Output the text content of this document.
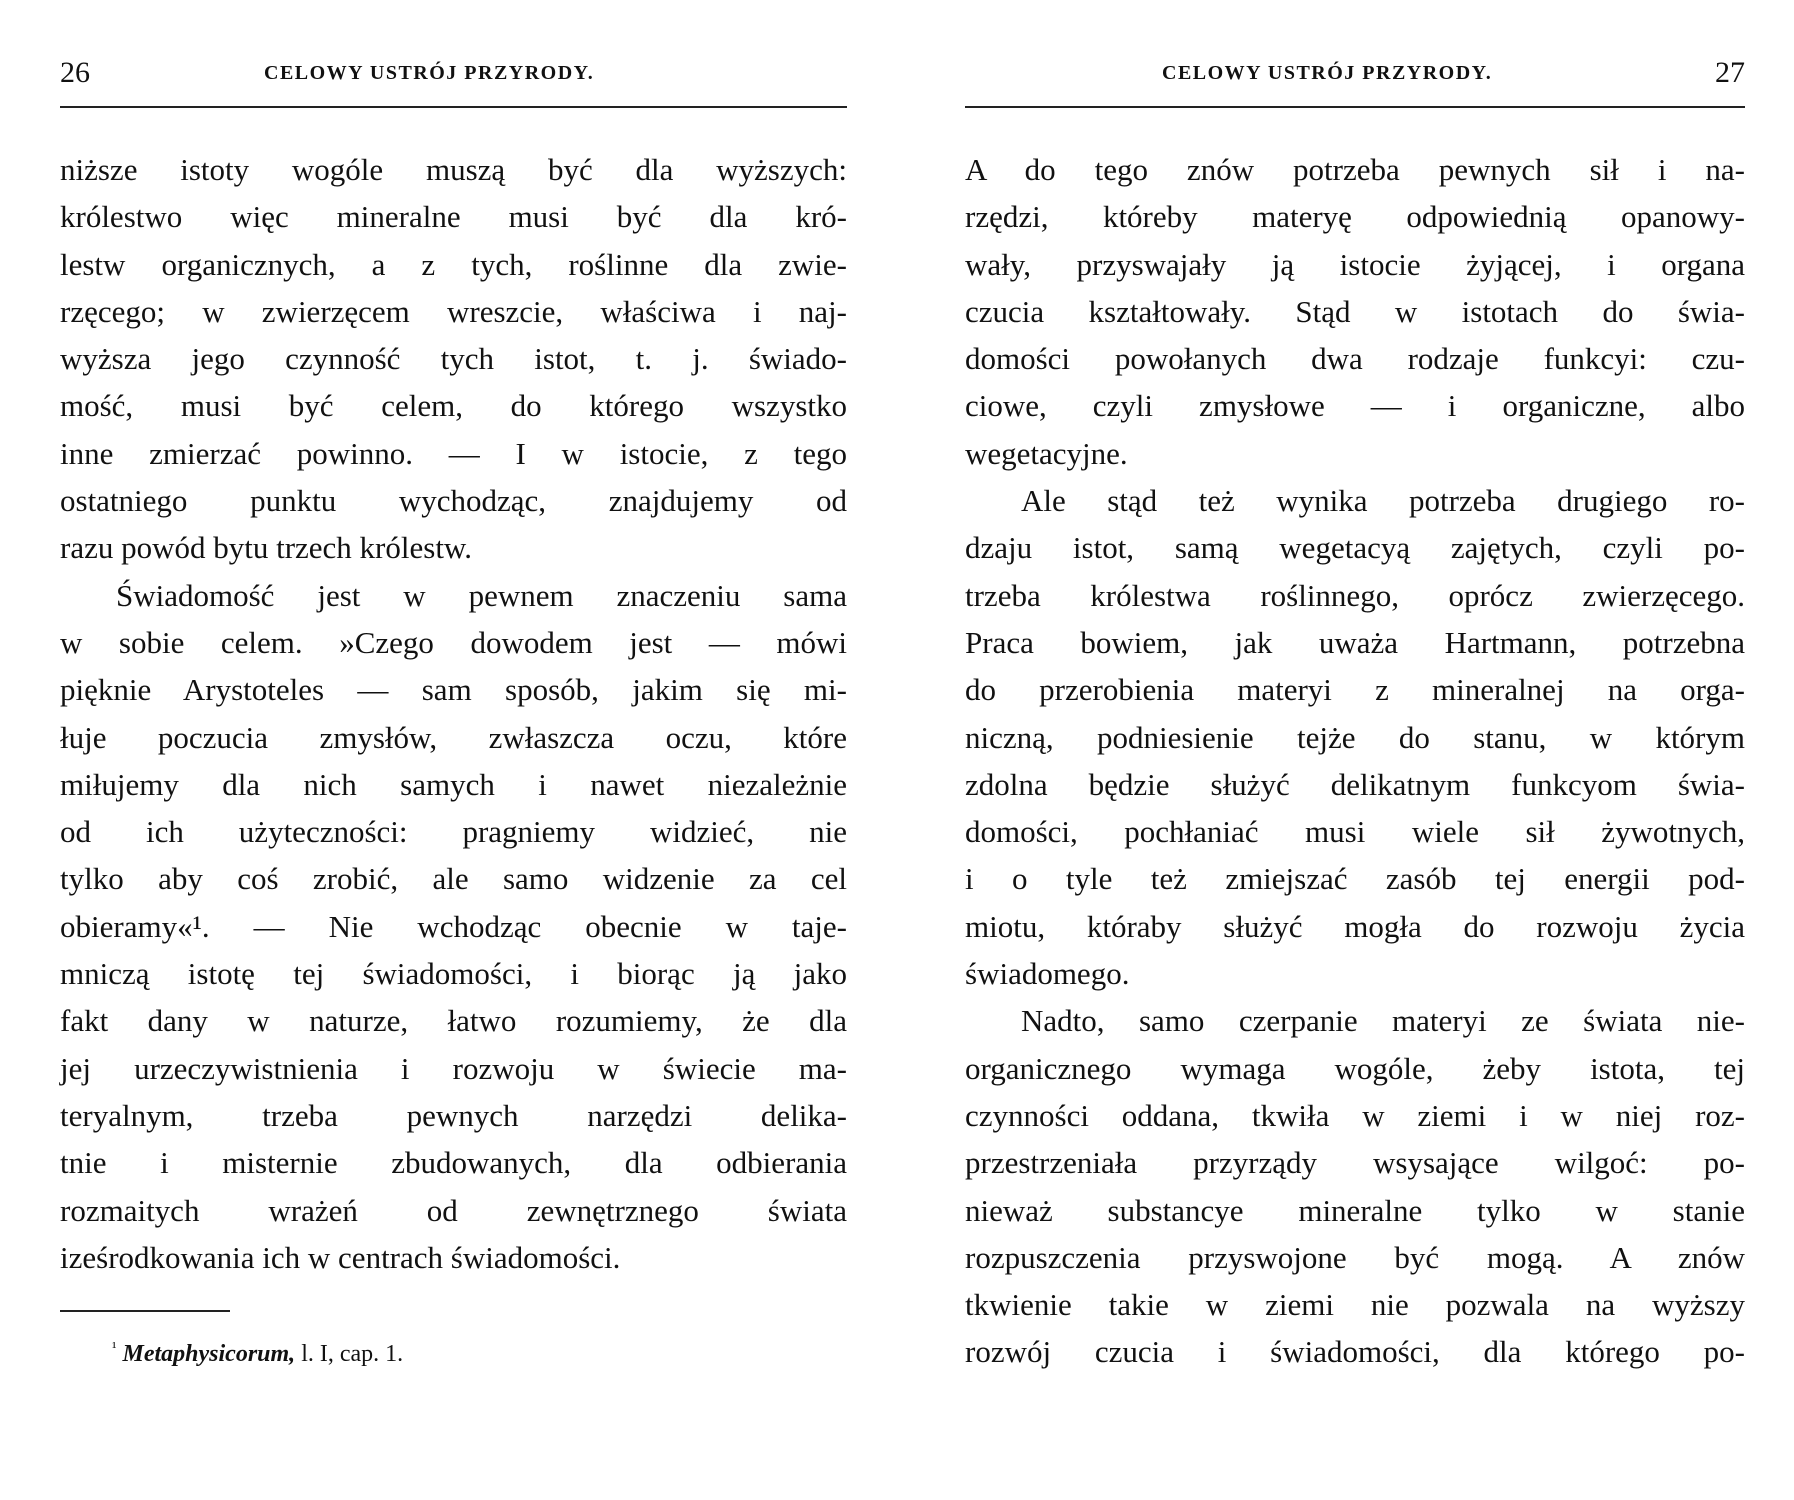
26	CELOWY USTRÓJ PRZYRODY.
niższe istoty wogóle muszą być dla wyższych:
królestwo więc mineralne musi być dla kró-
lestw organicznych, a z tych, roślinne dla zwie-
rzęcego; w zwierzęcem wreszcie, właściwa i naj-
wyższa jego czynność tych istot, t. j. świado-
mość, musi być celem, do którego wszystko
inne zmierzać powinno. — I w istocie, z tego
ostatniego punktu wychodząc, znajdujemy od
razu powód bytu trzech królestw.
Świadomość jest w pewnem znaczeniu sama
w sobie celem. »Czego dowodem jest — mówi
pięknie Arystoteles — sam sposób, jakim się mi-
łuje poczucia zmysłów, zwłaszcza oczu, które
miłujemy dla nich samych i nawet niezależnie
od ich użyteczności: pragniemy widzieć, nie
tylko aby coś zrobić, ale samo widzenie za cel
obieramy«¹. — Nie wchodząc obecnie w taje-
mniczą istotę tej świadomości, i biorąc ją jako
fakt dany w naturze, łatwo rozumiemy, że dla
jej urzeczywistnienia i rozwoju w świecie ma-
teryalnym, trzeba pewnych narzędzi delika-
tnie i misternie zbudowanych, dla odbierania
rozmaitych wrażeń od zewnętrznego świata
iześrodkowania ich w centrach świadomości.
$^{^1}$ Metaphysicorum, l. I, cap. 1.
CELOWY USTRÓJ PRZYRODY.	27
A do tego znów potrzeba pewnych sił i na-
rzędzi, któreby materyę odpowiednią opanowy-
wały, przyswajały ją istocie żyjącej, i organa
czucia kształtowały. Stąd w istotach do świa-
domości powołanych dwa rodzaje funkcyi: czu-
ciowe, czyli zmysłowe — i organiczne, albo
wegetacyjne.
Ale stąd też wynika potrzeba drugiego ro-
dzaju istot, samą wegetacyą zajętych, czyli po-
trzeba królestwa roślinnego, oprócz zwierzęcego.
Praca bowiem, jak uważa Hartmann, potrzebna
do przerobienia materyi z mineralnej na orga-
niczną, podniesienie tejże do stanu, w którym
zdolna będzie służyć delikatnym funkcyom świa-
domości, pochłaniać musi wiele sił żywotnych,
i o tyle też zmiejszać zasób tej energii pod-
miotu, któraby służyć mogła do rozwoju życia
świadomego.
Nadto, samo czerpanie materyi ze świata nie-
organicznego wymaga wogóle, żeby istota, tej
czynności oddana, tkwiła w ziemi i w niej roz-
przestrzeniała przyrządy wsysające wilgoć: po-
nieważ substancye mineralne tylko w stanie
rozpuszczenia przyswojone być mogą. A znów
tkwienie takie w ziemi nie pozwala na wyższy
rozwój czucia i świadomości, dla którego po-
